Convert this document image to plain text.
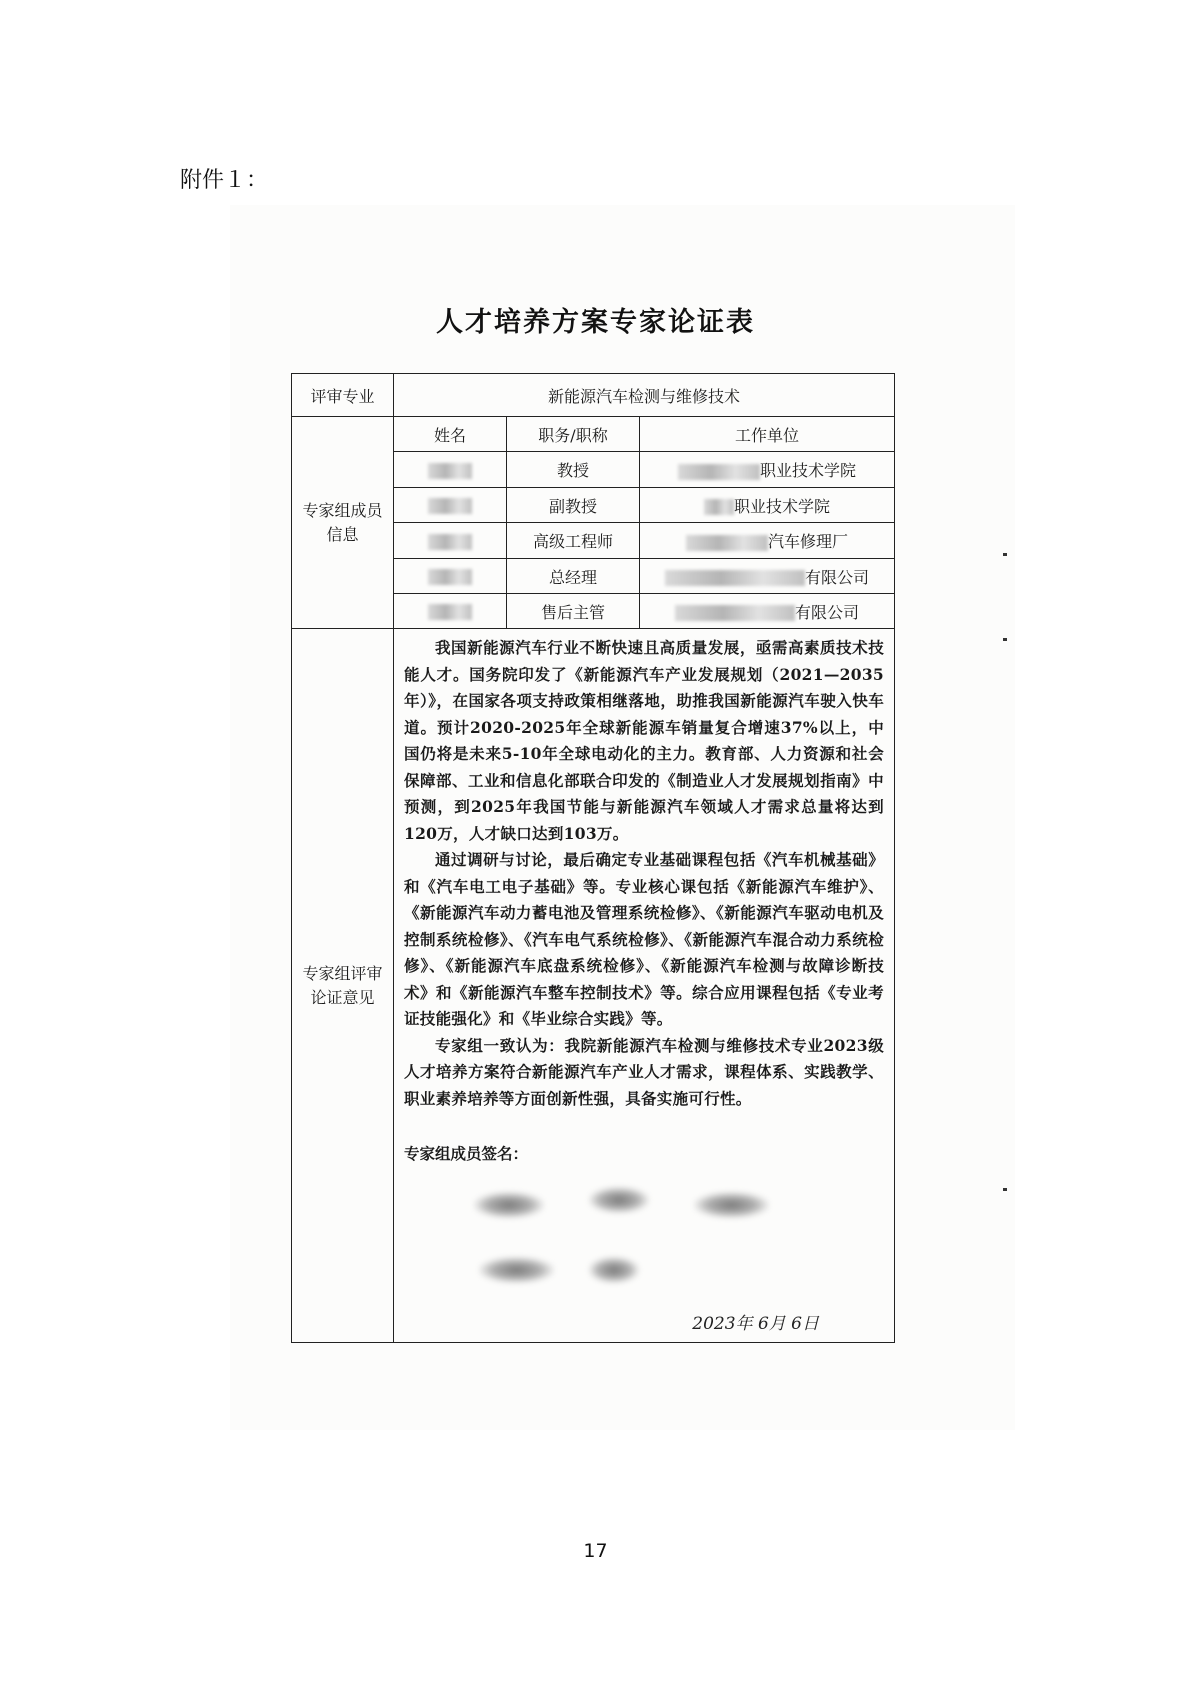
附件１：
人才培养方案专家论证表
评审专业	新能源汽车检测与维修技术		
专家组成员信息	姓名	职务/职称	工作单位
		教授	职业技术学院
		副教授	职业技术学院
		高级工程师	汽车修理厂
		总经理	有限公司
		售后主管	有限公司
专家组评审论证意见	我国新能源汽车行业不断快速且高质量发展，亟需高素质技术技能人才。国务院印发了《新能源汽车产业发展规划（2021—2035年）》，在国家各项支持政策相继落地，助推我国新能源汽车驶入快车道。预计2020-2025年全球新能源车销量复合增速37%以上，中国仍将是未来5-10年全球电动化的主力。教育部、人力资源和社会保障部、工业和信息化部联合印发的《制造业人才发展规划指南》中预测，到2025年我国节能与新能源汽车领域人才需求总量将达到120万，人才缺口达到103万。

通过调研与讨论，最后确定专业基础课程包括《汽车机械基础》和《汽车电工电子基础》等。专业核心课包括《新能源汽车维护》、《新能源汽车动力蓄电池及管理系统检修》、《新能源汽车驱动电机及控制系统检修》、《汽车电气系统检修》、《新能源汽车混合动力系统检修》、《新能源汽车底盘系统检修》、《新能源汽车检测与故障诊断技术》和《新能源汽车整车控制技术》等。综合应用课程包括《专业考证技能强化》和《毕业综合实践》等。

专家组一致认为：我院新能源汽车检测与维修技术专业2023级人才培养方案符合新能源汽车产业人才需求，课程体系、实践教学、职业素养培养等方面创新性强，具备实施可行性。

专家组成员签名：
2023年 6月 6日		
17
